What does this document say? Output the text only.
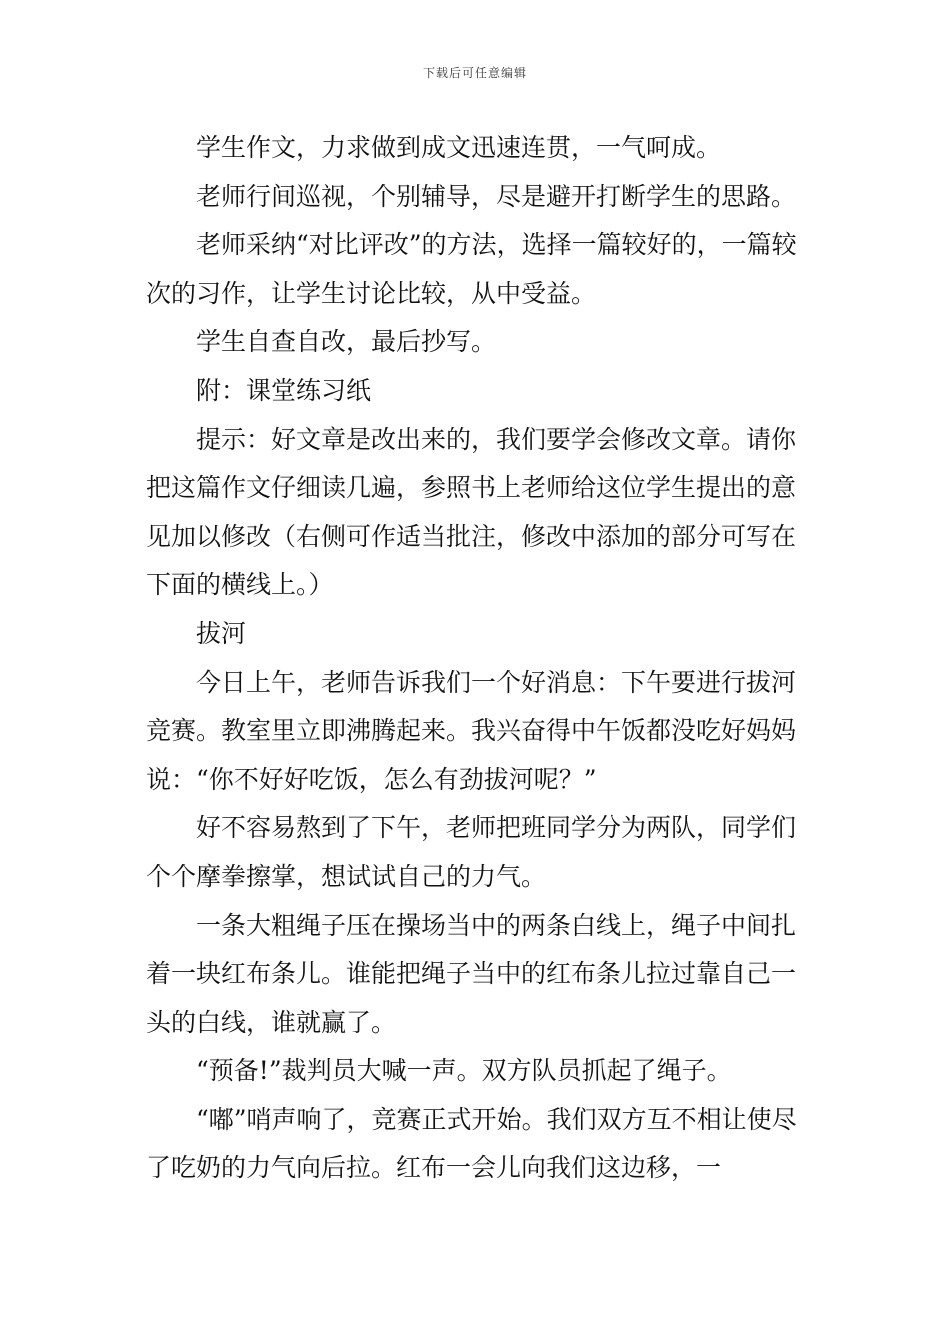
下载后可任意编辑

学生作文，力求做到成文迅速连贯，一气呵成。

老师行间巡视，个别辅导，尽是避开打断学生的思路。

老师采纳“对比评改”的方法，选择一篇较好的，一篇较次的习作，让学生讨论比较，从中受益。

学生自查自改，最后抄写。

附：课堂练习纸

提示：好文章是改出来的，我们要学会修改文章。请你把这篇作文仔细读几遍，参照书上老师给这位学生提出的意见加以修改（右侧可作适当批注，修改中添加的部分可写在下面的横线上。）

拔河

今日上午，老师告诉我们一个好消息：下午要进行拔河竞赛。教室里立即沸腾起来。我兴奋得中午饭都没吃好妈妈说：“你不好好吃饭，怎么有劲拔河呢？”

好不容易熬到了下午，老师把班同学分为两队，同学们个个摩拳擦掌，想试试自己的力气。

一条大粗绳子压在操场当中的两条白线上，绳子中间扎着一块红布条儿。谁能把绳子当中的红布条儿拉过靠自己一头的白线，谁就赢了。

“预备!”裁判员大喊一声。双方队员抓起了绳子。

“嘟”哨声响了，竞赛正式开始。我们双方互不相让使尽了吃奶的力气向后拉。红布一会儿向我们这边移，一
